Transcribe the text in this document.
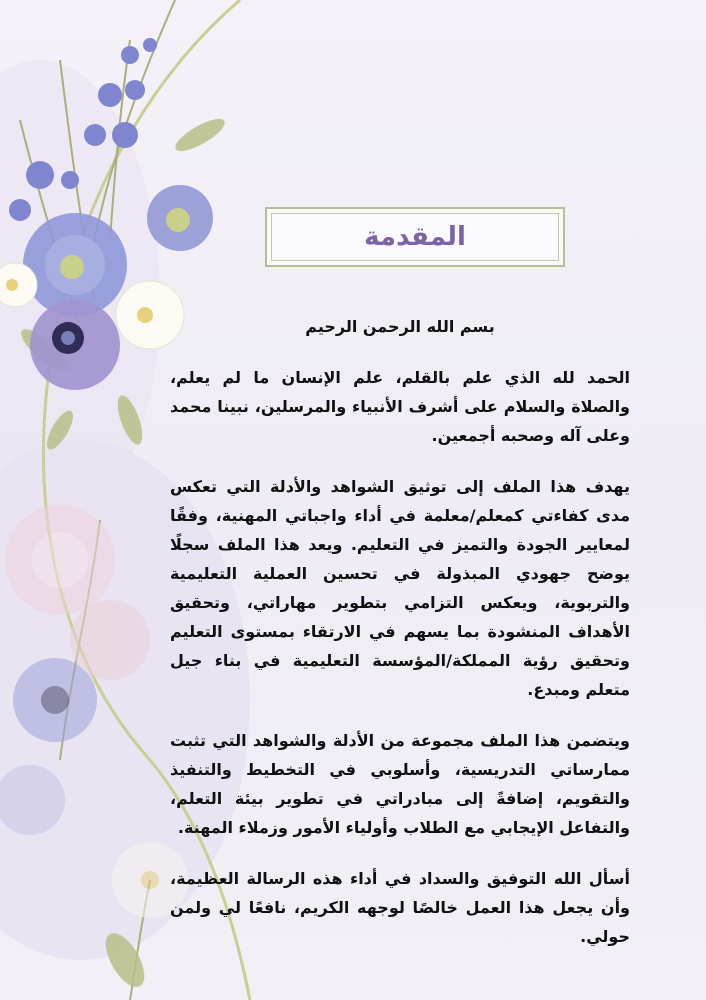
المقدمة

بسم الله الرحمن الرحيم

الحمد لله الذي علم بالقلم، علم الإنسان ما لم يعلم، والصلاة والسلام على أشرف الأنبياء والمرسلين، نبينا محمد وعلى آله وصحبه أجمعين.

يهدف هذا الملف إلى توثيق الشواهد والأدلة التي تعكس مدى كفاءتي كمعلم/معلمة في أداء واجباتي المهنية، وفقًا لمعايير الجودة والتميز في التعليم. ويعد هذا الملف سجلًا يوضح جهودي المبذولة في تحسين العملية التعليمية والتربوية، ويعكس التزامي بتطوير مهاراتي، وتحقيق الأهداف المنشودة بما يسهم في الارتقاء بمستوى التعليم وتحقيق رؤية المملكة/المؤسسة التعليمية في بناء جيل متعلم ومبدع.

ويتضمن هذا الملف مجموعة من الأدلة والشواهد التي تثبت ممارساتي التدريسية، وأسلوبي في التخطيط والتنفيذ والتقويم، إضافةً إلى مبادراتي في تطوير بيئة التعلم، والتفاعل الإيجابي مع الطلاب وأولياء الأمور وزملاء المهنة.

أسأل الله التوفيق والسداد في أداء هذه الرسالة العظيمة، وأن يجعل هذا العمل خالصًا لوجهه الكريم، نافعًا لي ولمن حولي.
